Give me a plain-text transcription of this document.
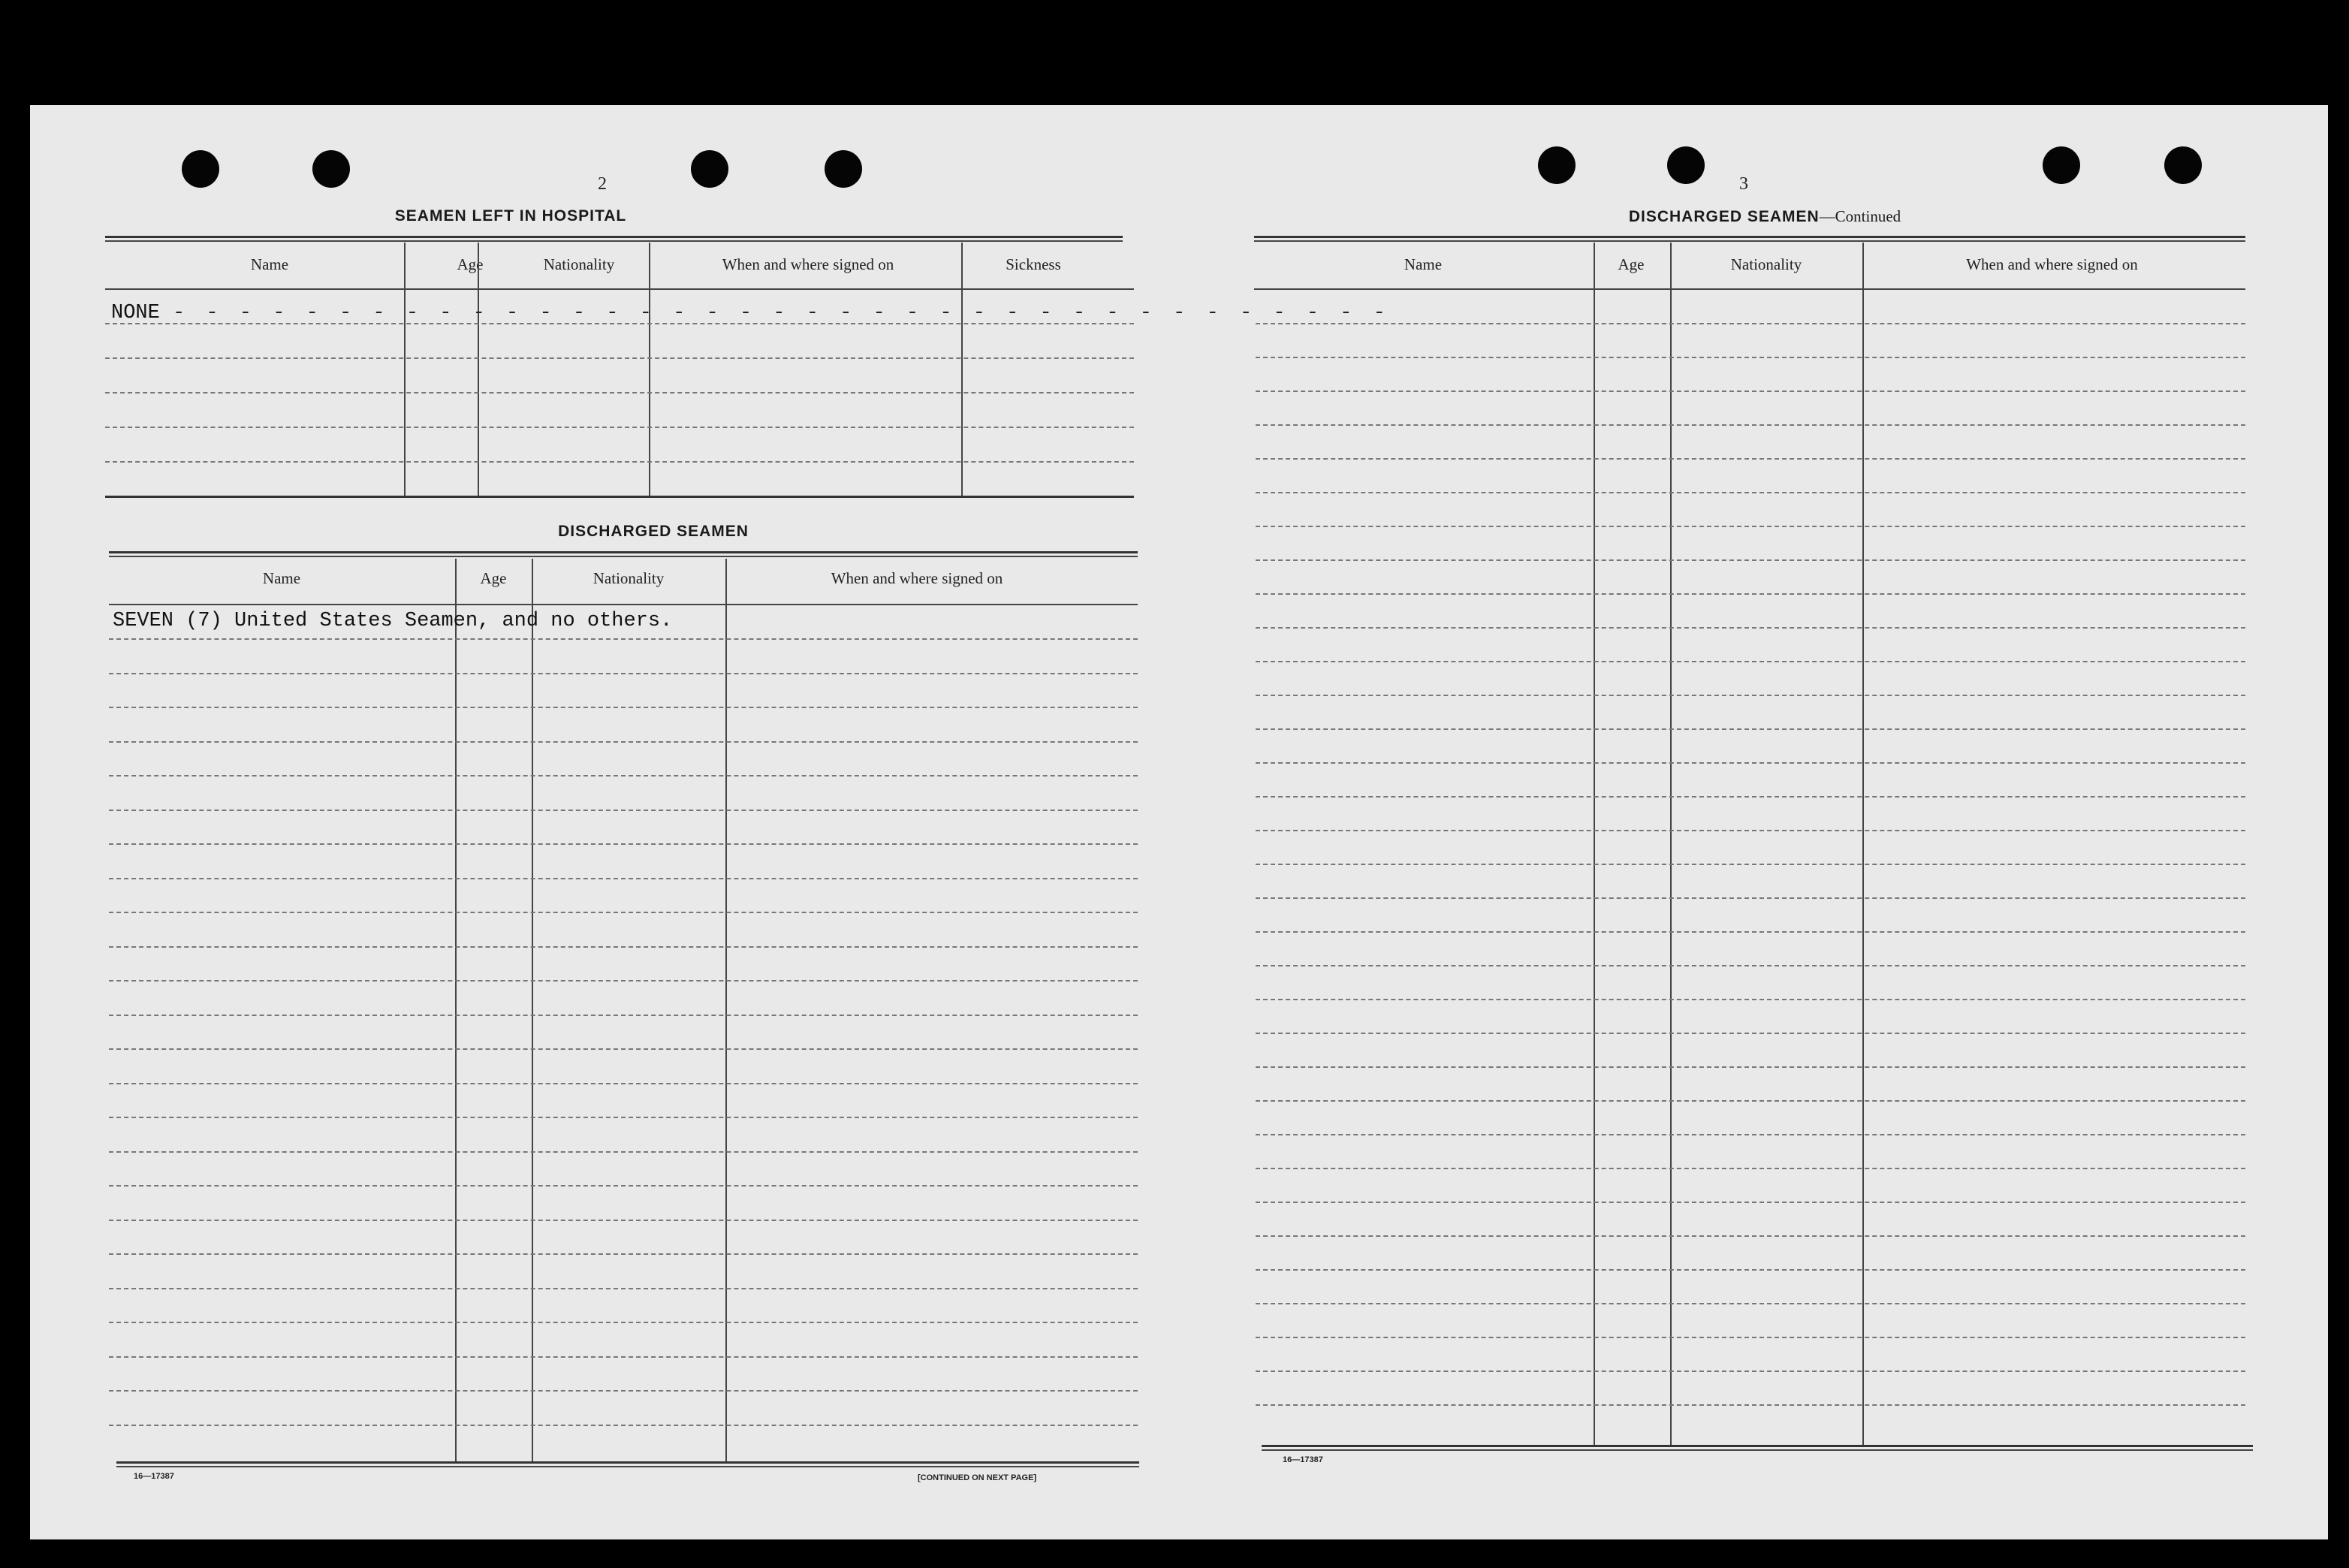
2
SEAMEN LEFT IN HOSPITAL
Name	Age	Nationality	When and where signed on	Sickness
NONE - - - - - - - - - - - - - - - - - - - - - - - - - - - - - - - - - - - - -
DISCHARGED SEAMEN
Name	Age	Nationality	When and where signed on
SEVEN (7) United States Seamen, and no others.
16—17387	[CONTINUED ON NEXT PAGE]
3
DISCHARGED SEAMEN—Continued
Name	Age	Nationality	When and where signed on
16—17387
